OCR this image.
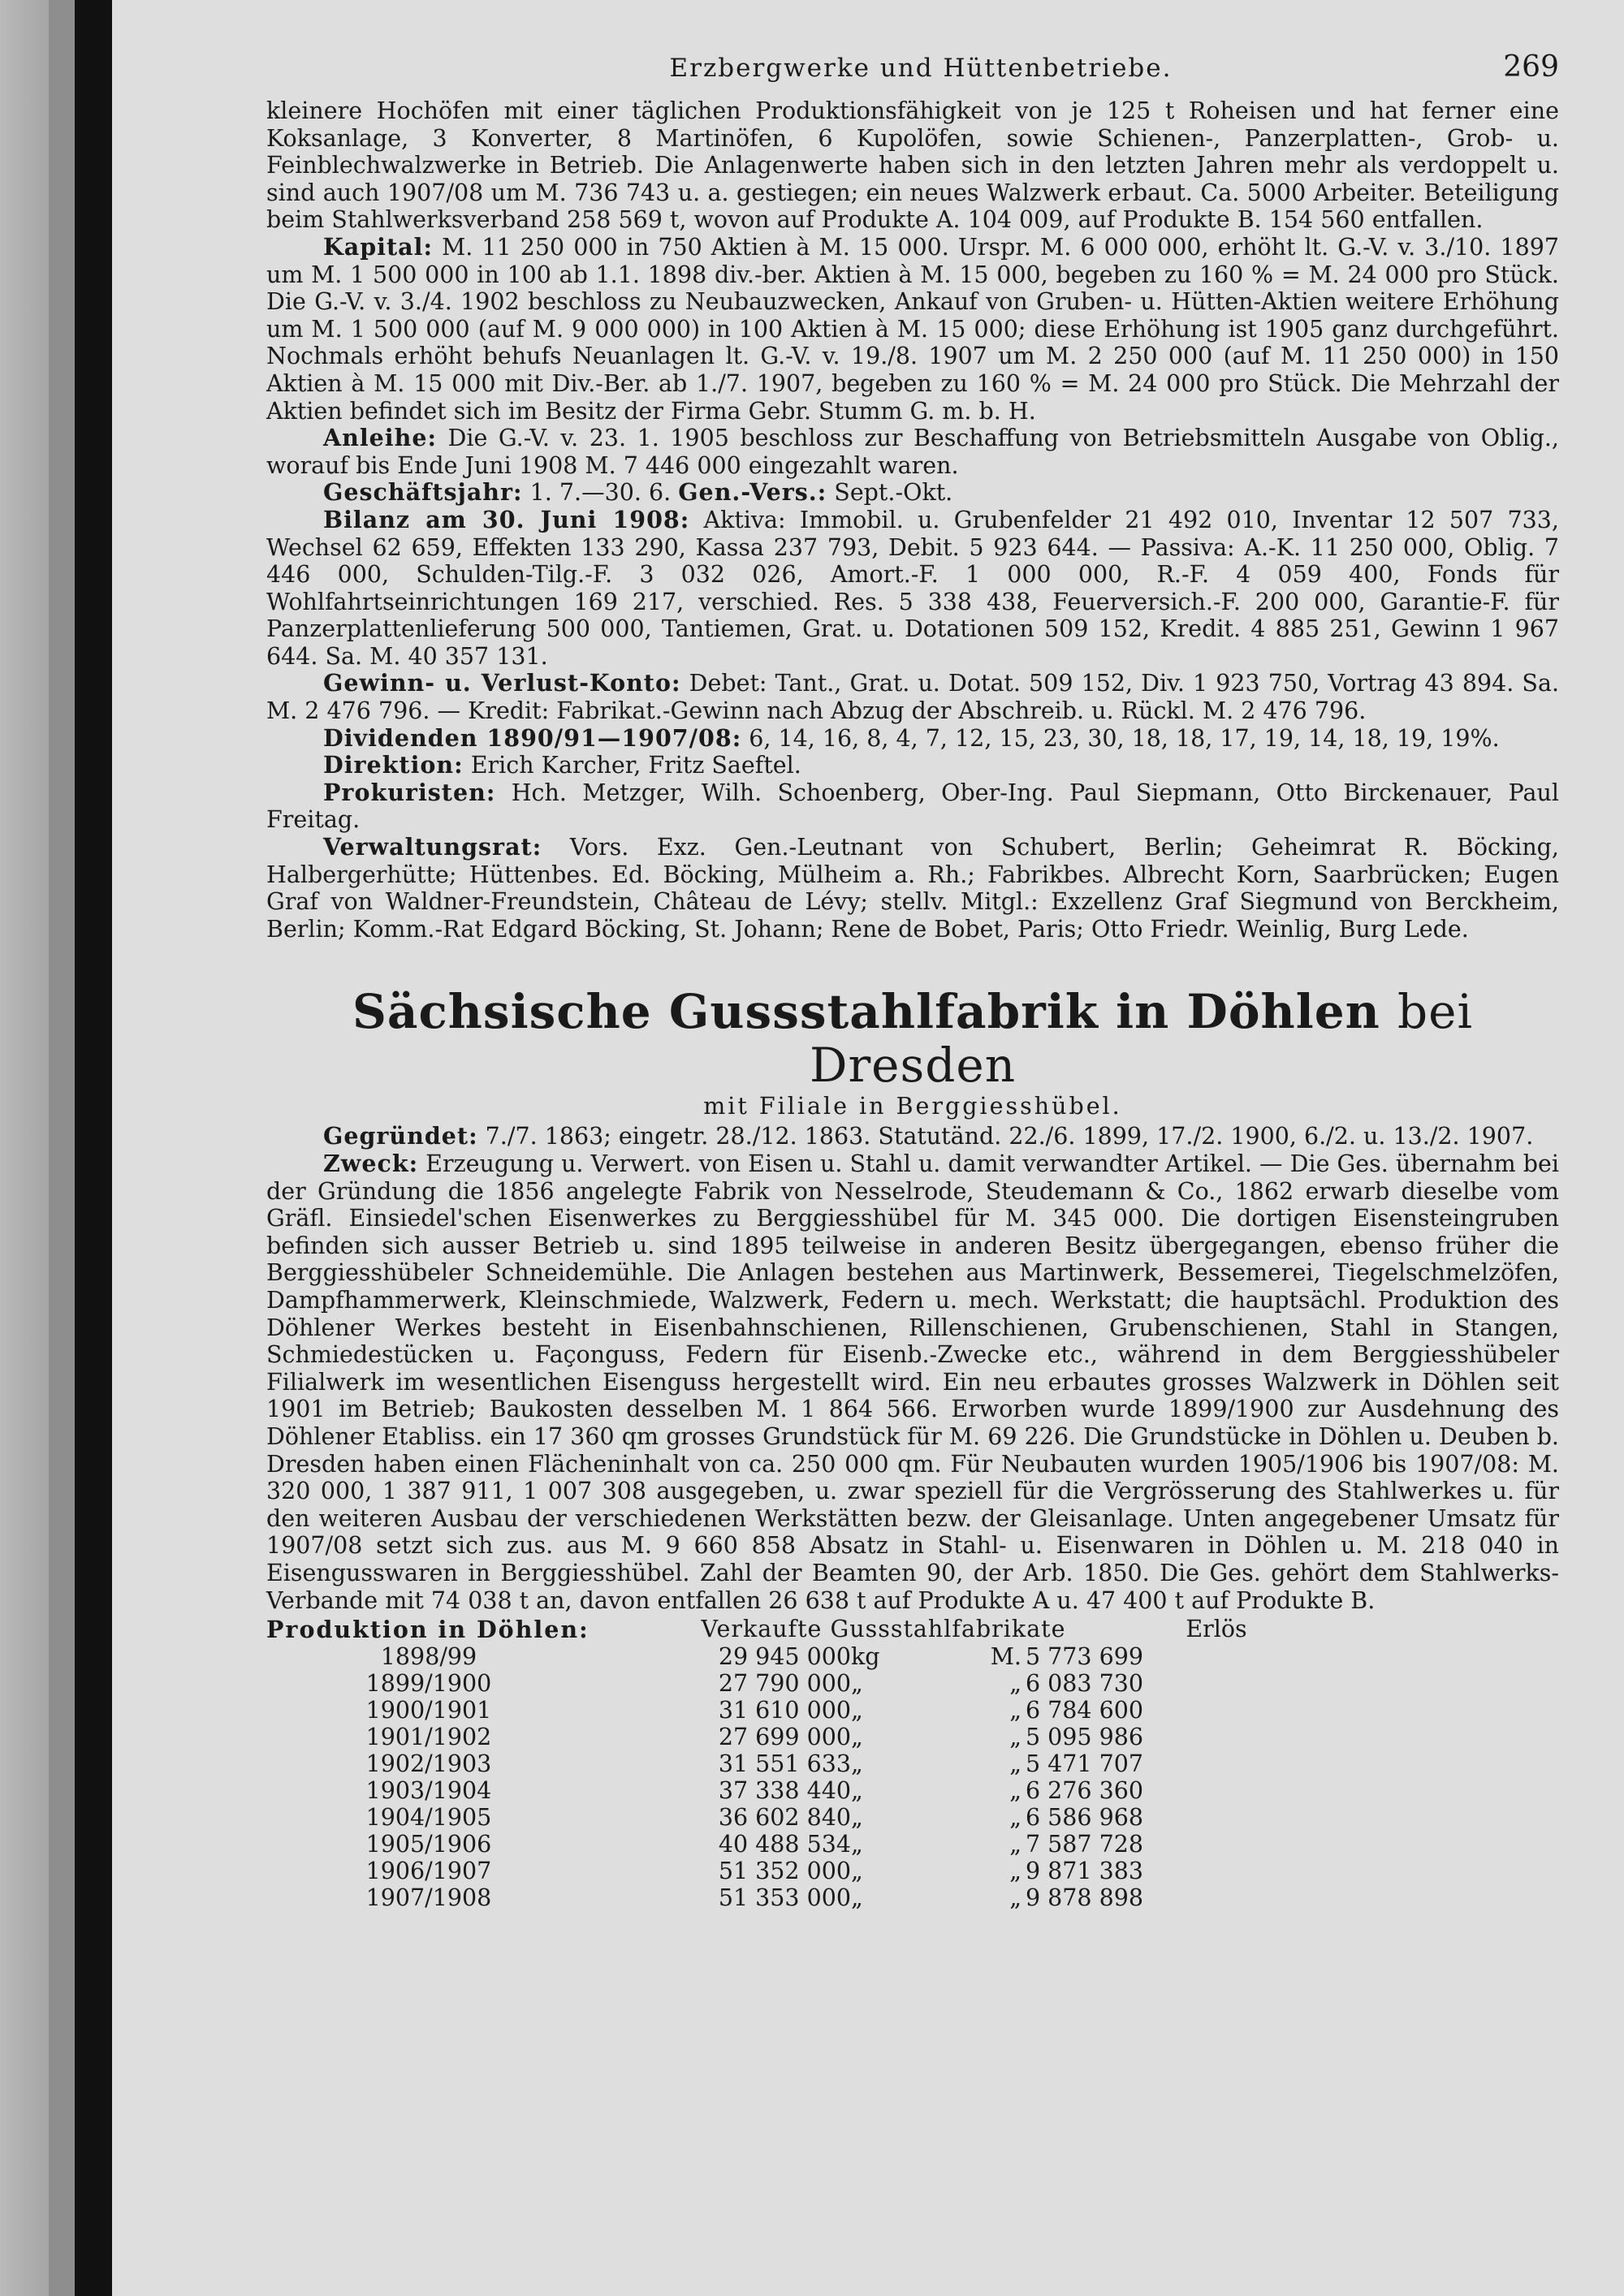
Erzbergwerke und Hüttenbetriebe.	269

kleinere Hochöfen mit einer täglichen Produktionsfähigkeit von je 125 t Roheisen und hat ferner eine Koksanlage, 3 Konverter, 8 Martinöfen, 6 Kupolöfen, sowie Schienen-, Panzerplatten-, Grob- u. Feinblechwalzwerke in Betrieb. Die Anlagenwerte haben sich in den letzten Jahren mehr als verdoppelt u. sind auch 1907/08 um M. 736 743 u. a. gestiegen; ein neues Walzwerk erbaut. Ca. 5000 Arbeiter. Beteiligung beim Stahlwerksverband 258 569 t, wovon auf Produkte A. 104 009, auf Produkte B. 154 560 entfallen.

Kapital: M. 11 250 000 in 750 Aktien à M. 15 000. Urspr. M. 6 000 000, erhöht lt. G.-V. v. 3./10. 1897 um M. 1 500 000 in 100 ab 1.1. 1898 div.-ber. Aktien à M. 15 000, begeben zu 160 % = M. 24 000 pro Stück. Die G.-V. v. 3./4. 1902 beschloss zu Neubauzwecken, Ankauf von Gruben- u. Hütten-Aktien weitere Erhöhung um M. 1 500 000 (auf M. 9 000 000) in 100 Aktien à M. 15 000; diese Erhöhung ist 1905 ganz durchgeführt. Nochmals erhöht behufs Neuanlagen lt. G.-V. v. 19./8. 1907 um M. 2 250 000 (auf M. 11 250 000) in 150 Aktien à M. 15 000 mit Div.-Ber. ab 1./7. 1907, begeben zu 160 % = M. 24 000 pro Stück. Die Mehrzahl der Aktien befindet sich im Besitz der Firma Gebr. Stumm G. m. b. H.

Anleihe: Die G.-V. v. 23. 1. 1905 beschloss zur Beschaffung von Betriebsmitteln Ausgabe von Oblig., worauf bis Ende Juni 1908 M. 7 446 000 eingezahlt waren.

Geschäftsjahr: 1. 7.—30. 6. Gen.-Vers.: Sept.-Okt.

Bilanz am 30. Juni 1908: Aktiva: Immobil. u. Grubenfelder 21 492 010, Inventar 12 507 733, Wechsel 62 659, Effekten 133 290, Kassa 237 793, Debit. 5 923 644. — Passiva: A.-K. 11 250 000, Oblig. 7 446 000, Schulden-Tilg.-F. 3 032 026, Amort.-F. 1 000 000, R.-F. 4 059 400, Fonds für Wohlfahrtseinrichtungen 169 217, verschied. Res. 5 338 438, Feuerversich.-F. 200 000, Garantie-F. für Panzerplattenlieferung 500 000, Tantiemen, Grat. u. Dotationen 509 152, Kredit. 4 885 251, Gewinn 1 967 644. Sa. M. 40 357 131.

Gewinn- u. Verlust-Konto: Debet: Tant., Grat. u. Dotat. 509 152, Div. 1 923 750, Vortrag 43 894. Sa. M. 2 476 796. — Kredit: Fabrikat.-Gewinn nach Abzug der Abschreib. u. Rückl. M. 2 476 796.

Dividenden 1890/91—1907/08: 6, 14, 16, 8, 4, 7, 12, 15, 23, 30, 18, 18, 17, 19, 14, 18, 19, 19%.

Direktion: Erich Karcher, Fritz Saeftel.

Prokuristen: Hch. Metzger, Wilh. Schoenberg, Ober-Ing. Paul Siepmann, Otto Birckenauer, Paul Freitag.

Verwaltungsrat: Vors. Exz. Gen.-Leutnant von Schubert, Berlin; Geheimrat R. Böcking, Halbergerhütte; Hüttenbes. Ed. Böcking, Mülheim a. Rh.; Fabrikbes. Albrecht Korn, Saarbrücken; Eugen Graf von Waldner-Freundstein, Château de Lévy; stellv. Mitgl.: Exzellenz Graf Siegmund von Berckheim, Berlin; Komm.-Rat Edgard Böcking, St. Johann; Rene de Bobet, Paris; Otto Friedr. Weinlig, Burg Lede.

Sächsische Gussstahlfabrik in Döhlen bei Dresden
mit Filiale in Berggiesshübel.

Gegründet: 7./7. 1863; eingetr. 28./12. 1863. Statutänd. 22./6. 1899, 17./2. 1900, 6./2. u. 13./2. 1907.

Zweck: Erzeugung u. Verwert. von Eisen u. Stahl u. damit verwandter Artikel. — Die Ges. übernahm bei der Gründung die 1856 angelegte Fabrik von Nesselrode, Steudemann & Co., 1862 erwarb dieselbe vom Gräfl. Einsiedel'schen Eisenwerkes zu Berggiesshübel für M. 345 000. Die dortigen Eisensteingruben befinden sich ausser Betrieb u. sind 1895 teilweise in anderen Besitz übergegangen, ebenso früher die Berggiesshübeler Schneidemühle. Die Anlagen bestehen aus Martinwerk, Bessemerei, Tiegelschmelzöfen, Dampfhammerwerk, Kleinschmiede, Walzwerk, Federn u. mech. Werkstatt; die hauptsächl. Produktion des Döhlener Werkes besteht in Eisenbahnschienen, Rillenschienen, Grubenschienen, Stahl in Stangen, Schmiedestücken u. Façonguss, Federn für Eisenb.-Zwecke etc., während in dem Berggiesshübeler Filialwerk im wesentlichen Eisenguss hergestellt wird. Ein neu erbautes grosses Walzwerk in Döhlen seit 1901 im Betrieb; Baukosten desselben M. 1 864 566. Erworben wurde 1899/1900 zur Ausdehnung des Döhlener Etabliss. ein 17 360 qm grosses Grundstück für M. 69 226. Die Grundstücke in Döhlen u. Deuben b. Dresden haben einen Flächeninhalt von ca. 250 000 qm. Für Neubauten wurden 1905/1906 bis 1907/08: M. 320 000, 1 387 911, 1 007 308 ausgegeben, u. zwar speziell für die Vergrösserung des Stahlwerkes u. für den weiteren Ausbau der verschiedenen Werkstätten bezw. der Gleisanlage. Unten angegebener Umsatz für 1907/08 setzt sich zus. aus M. 9 660 858 Absatz in Stahl- u. Eisenwaren in Döhlen u. M. 218 040 in Eisengusswaren in Berggiesshübel. Zahl der Beamten 90, der Arb. 1850. Die Ges. gehört dem Stahlwerks-Verbande mit 74 038 t an, davon entfallen 26 638 t auf Produkte A u. 47 400 t auf Produkte B.

Produktion in Döhlen:	Verkaufte Gussstahlfabrikate	Erlös
1898/99	29 945 000	kg	M.	5 773 699
1899/1900	27 790 000	„	„	6 083 730
1900/1901	31 610 000	„	„	6 784 600
1901/1902	27 699 000	„	„	5 095 986
1902/1903	31 551 633	„	„	5 471 707
1903/1904	37 338 440	„	„	6 276 360
1904/1905	36 602 840	„	„	6 586 968
1905/1906	40 488 534	„	„	7 587 728
1906/1907	51 352 000	„	„	9 871 383
1907/1908	51 353 000	„	„	9 878 898
